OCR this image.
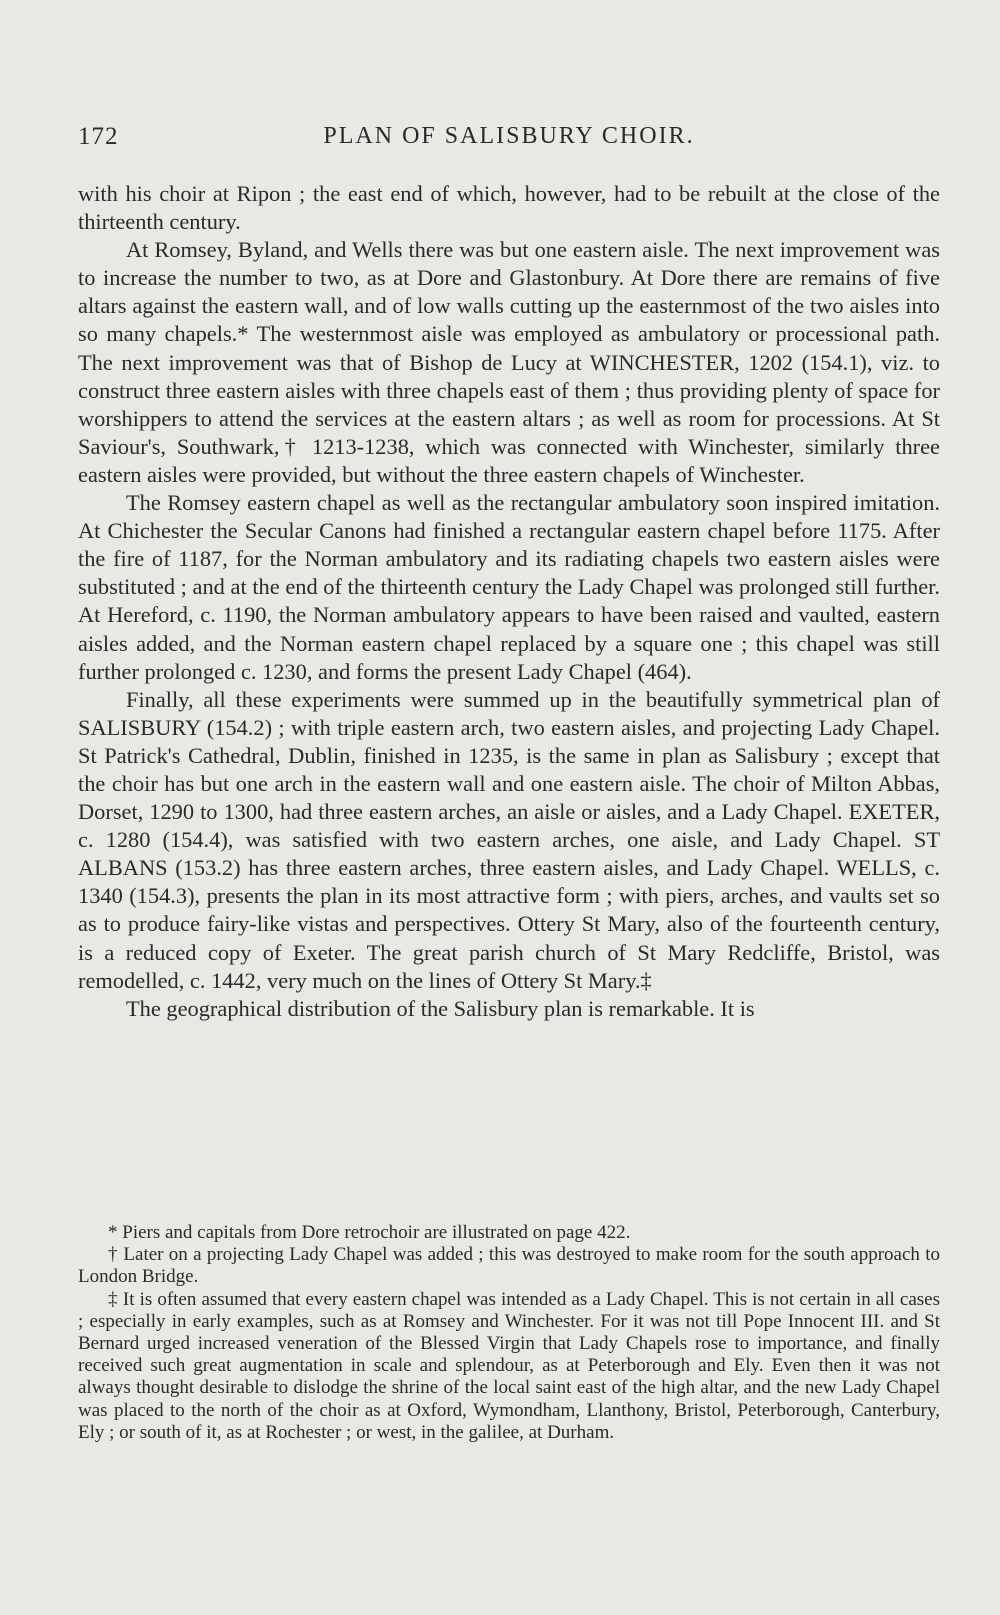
172	PLAN OF SALISBURY CHOIR.

with his choir at Ripon ; the east end of which, however, had to be rebuilt at the close of the thirteenth century.

At Romsey, Byland, and Wells there was but one eastern aisle. The next improvement was to increase the number to two, as at Dore and Glastonbury. At Dore there are remains of five altars against the eastern wall, and of low walls cutting up the easternmost of the two aisles into so many chapels.* The westernmost aisle was employed as ambulatory or processional path. The next improvement was that of Bishop de Lucy at WINCHESTER, 1202 (154.1), viz. to construct three eastern aisles with three chapels east of them ; thus providing plenty of space for worshippers to attend the services at the eastern altars ; as well as room for processions. At St Saviour's, Southwark,† 1213-1238, which was connected with Winchester, similarly three eastern aisles were provided, but without the three eastern chapels of Winchester.

The Romsey eastern chapel as well as the rectangular ambulatory soon inspired imitation. At Chichester the Secular Canons had finished a rectangular eastern chapel before 1175. After the fire of 1187, for the Norman ambulatory and its radiating chapels two eastern aisles were substituted ; and at the end of the thirteenth century the Lady Chapel was prolonged still further. At Hereford, c. 1190, the Norman ambulatory appears to have been raised and vaulted, eastern aisles added, and the Norman eastern chapel replaced by a square one ; this chapel was still further prolonged c. 1230, and forms the present Lady Chapel (464).

Finally, all these experiments were summed up in the beautifully symmetrical plan of SALISBURY (154.2) ; with triple eastern arch, two eastern aisles, and projecting Lady Chapel. St Patrick's Cathedral, Dublin, finished in 1235, is the same in plan as Salisbury ; except that the choir has but one arch in the eastern wall and one eastern aisle. The choir of Milton Abbas, Dorset, 1290 to 1300, had three eastern arches, an aisle or aisles, and a Lady Chapel. EXETER, c. 1280 (154.4), was satisfied with two eastern arches, one aisle, and Lady Chapel. ST ALBANS (153.2) has three eastern arches, three eastern aisles, and Lady Chapel. WELLS, c. 1340 (154.3), presents the plan in its most attractive form ; with piers, arches, and vaults set so as to produce fairy-like vistas and perspectives. Ottery St Mary, also of the fourteenth century, is a reduced copy of Exeter. The great parish church of St Mary Redcliffe, Bristol, was remodelled, c. 1442, very much on the lines of Ottery St Mary.‡

The geographical distribution of the Salisbury plan is remarkable. It is

* Piers and capitals from Dore retrochoir are illustrated on page 422.

† Later on a projecting Lady Chapel was added ; this was destroyed to make room for the south approach to London Bridge.

‡ It is often assumed that every eastern chapel was intended as a Lady Chapel. This is not certain in all cases ; especially in early examples, such as at Romsey and Winchester. For it was not till Pope Innocent III. and St Bernard urged increased veneration of the Blessed Virgin that Lady Chapels rose to importance, and finally received such great augmentation in scale and splendour, as at Peterborough and Ely. Even then it was not always thought desirable to dislodge the shrine of the local saint east of the high altar, and the new Lady Chapel was placed to the north of the choir as at Oxford, Wymondham, Llanthony, Bristol, Peterborough, Canterbury, Ely ; or south of it, as at Rochester ; or west, in the galilee, at Durham.
